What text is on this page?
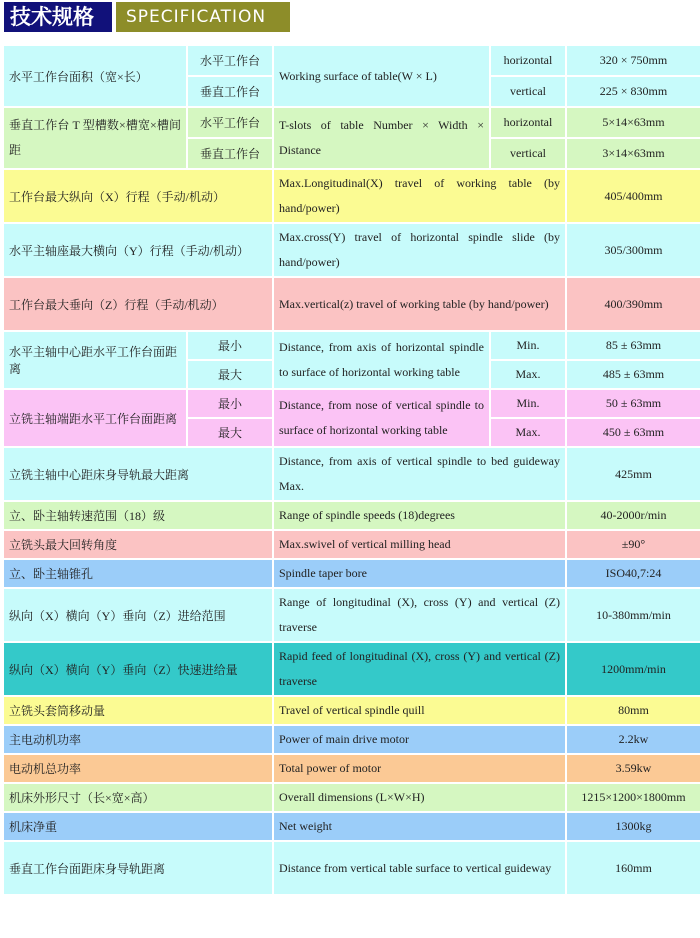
技术规格	SPECIFICATION
水平工作台面积（宽×长）	水平工作台	Working surface of table(W × L)	horizontal	320 × 750mm
	垂直工作台		vertical	225 × 830mm
垂直工作台 T 型槽数×槽宽×槽间距	水平工作台	T-slots of table Number × Width × Distance	horizontal	5×14×63mm
	垂直工作台		vertical	3×14×63mm
工作台最大纵向（X）行程（手动/机动）		Max.Longitudinal(X) travel of working table (by hand/power)		405/400mm
水平主轴座最大横向（Y）行程（手动/机动）		Max.cross(Y) travel of horizontal spindle slide (by hand/power)		305/300mm
工作台最大垂向（Z）行程（手动/机动）		Max.vertical(z) travel of working table (by hand/power)		400/390mm
水平主轴中心距水平工作台面距离	最小	Distance, from axis of horizontal spindle to surface of horizontal working table	Min.	85 ± 63mm
	最大		Max.	485 ± 63mm
立铣主轴端距水平工作台面距离	最小	Distance, from nose of vertical spindle to surface of horizontal working table	Min.	50 ± 63mm
	最大		Max.	450 ± 63mm
立铣主轴中心距床身导轨最大距离		Distance, from axis of vertical spindle to bed guideway Max.		425mm
立、卧主轴转速范围（18）级		Range of spindle speeds (18)degrees		40-2000r/min
立铣头最大回转角度		Max.swivel of vertical milling head		±90°
立、卧主轴锥孔		Spindle taper bore		ISO40,7:24
纵向（X）横向（Y）垂向（Z）进给范围		Range of longitudinal (X), cross (Y) and vertical (Z) traverse		10-380mm/min
纵向（X）横向（Y）垂向（Z）快速进给量		Rapid feed of longitudinal (X), cross (Y) and vertical (Z) traverse		1200mm/min
立铣头套筒移动量		Travel of vertical spindle quill		80mm
主电动机功率		Power of main drive motor		2.2kw
电动机总功率		Total power of motor		3.59kw
机床外形尺寸（长×宽×高）		Overall dimensions (L×W×H)		1215×1200×1800mm
机床净重		Net weight		1300kg
垂直工作台面距床身导轨距离		Distance from vertical table surface to vertical guideway		160mm
